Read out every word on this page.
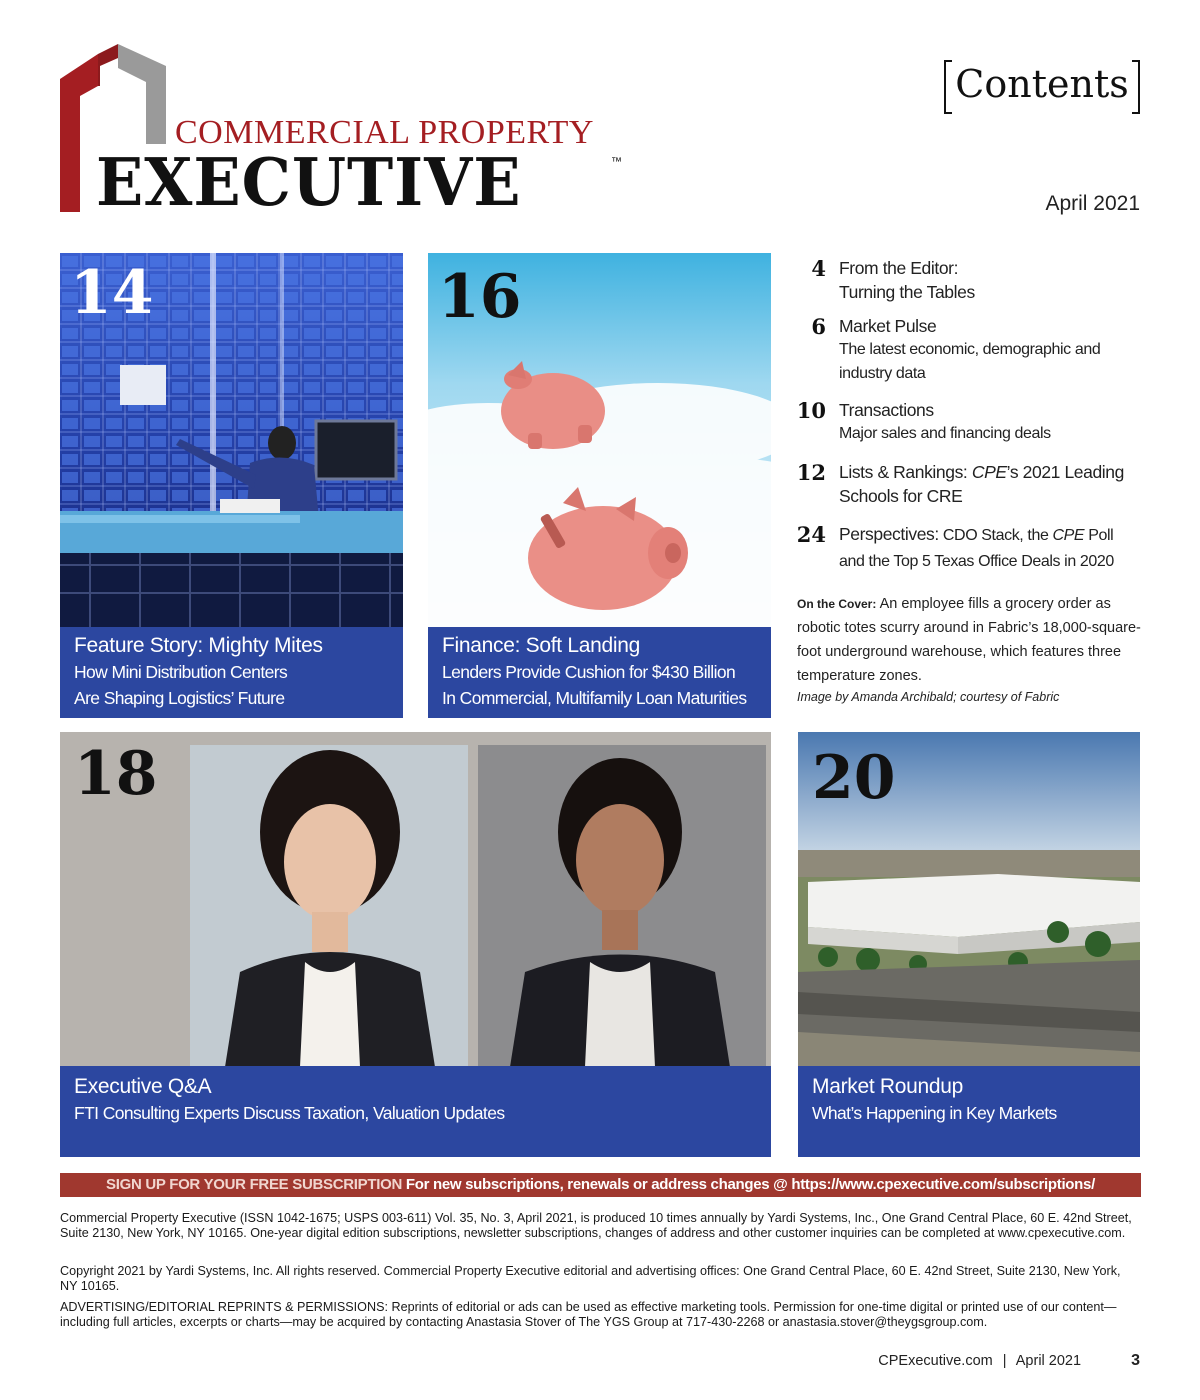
COMMERCIAL PROPERTY
EXECUTIVE	™
Contents
April 2021
14
Feature Story: Mighty Mites
How Mini Distribution Centers
Are Shaping Logistics’ Future
16
Finance: Soft Landing
Lenders Provide Cushion for $430 Billion
In Commercial, Multifamily Loan Maturities
4 From the Editor:
Turning the Tables
6 Market Pulse
The latest economic, demographic and industry data
10 Transactions
Major sales and financing deals
12 Lists & Rankings: CPE’s 2021 Leading Schools for CRE
24 Perspectives: CDO Stack, the CPE Poll and the Top 5 Texas Office Deals in 2020
On the Cover: An employee fills a grocery order as robotic totes scurry around in Fabric’s 18,000-square-foot underground warehouse, which features three temperature zones.
Image by Amanda Archibald; courtesy of Fabric
18
Executive Q&A
FTI Consulting Experts Discuss Taxation, Valuation Updates
20
Market Roundup
What’s Happening in Key Markets
SIGN UP FOR YOUR FREE SUBSCRIPTION For new subscriptions, renewals or address changes @ https://www.cpexecutive.com/subscriptions/
Commercial Property Executive (ISSN 1042-1675; USPS 003-611) Vol. 35, No. 3, April 2021, is produced 10 times annually by Yardi Systems, Inc., One Grand Central Place, 60 E. 42nd Street, Suite 2130, New York, NY 10165. One-year digital edition subscriptions, newsletter subscriptions, changes of address and other customer inquiries can be completed at www.cpexecutive.com.
Copyright 2021 by Yardi Systems, Inc. All rights reserved. Commercial Property Executive editorial and advertising offices: One Grand Central Place, 60 E. 42nd Street, Suite 2130, New York, NY 10165.
ADVERTISING/EDITORIAL REPRINTS & PERMISSIONS: Reprints of editorial or ads can be used as effective marketing tools. Permission for one-time digital or printed use of our content—including full articles, excerpts or charts—may be acquired by contacting Anastasia Stover of The YGS Group at 717-430-2268 or anastasia.stover@theygsgroup.com.
CPExecutive.com | April 2021	3
